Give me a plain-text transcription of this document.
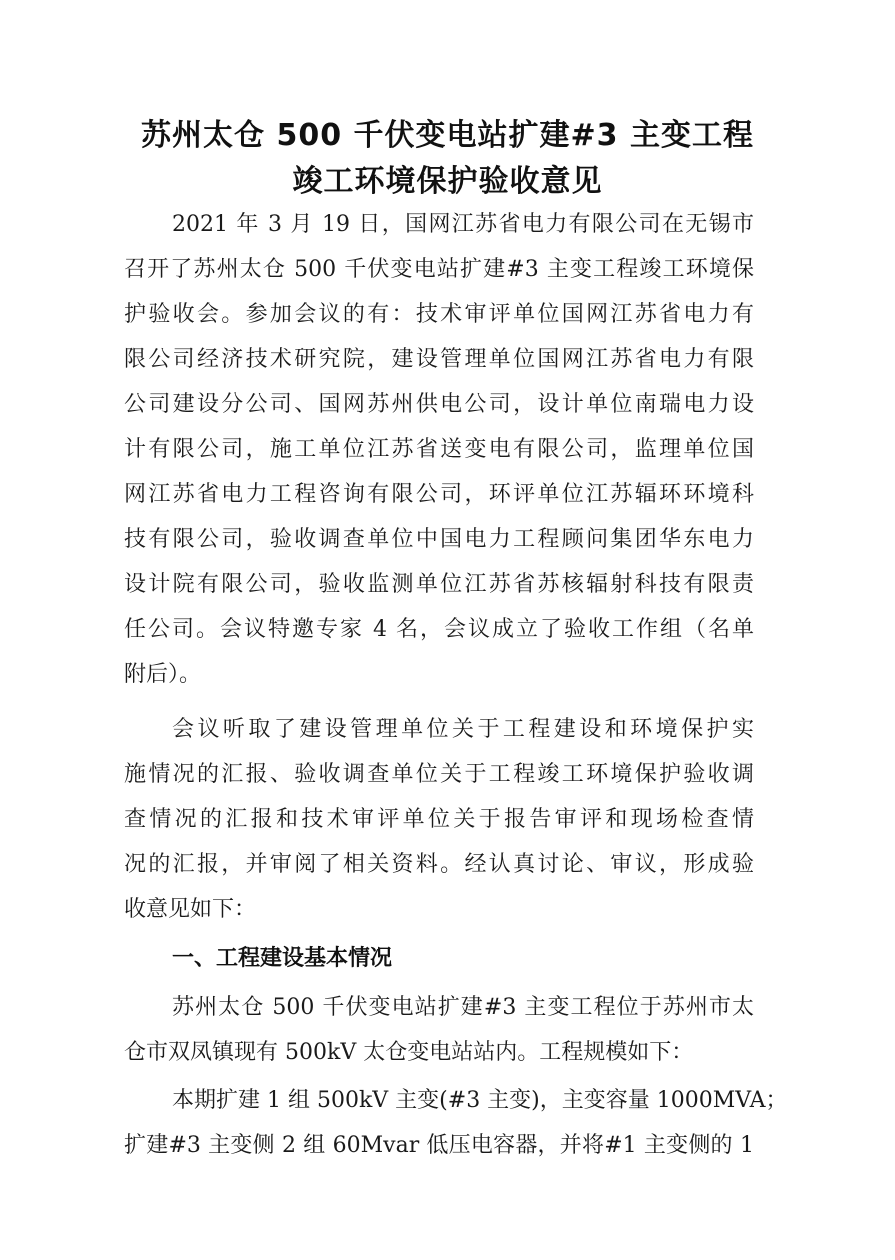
苏州太仓 500 千伏变电站扩建#3 主变工程
竣工环境保护验收意见
2021 年 3 月 19 日，国网江苏省电力有限公司在无锡市
召开了苏州太仓 500 千伏变电站扩建#3 主变工程竣工环境保
护验收会。参加会议的有：技术审评单位国网江苏省电力有
限公司经济技术研究院，建设管理单位国网江苏省电力有限
公司建设分公司、国网苏州供电公司，设计单位南瑞电力设
计有限公司，施工单位江苏省送变电有限公司，监理单位国
网江苏省电力工程咨询有限公司，环评单位江苏辐环环境科
技有限公司，验收调查单位中国电力工程顾问集团华东电力
设计院有限公司，验收监测单位江苏省苏核辐射科技有限责
任公司。会议特邀专家 4 名，会议成立了验收工作组（名单
附后）。
会议听取了建设管理单位关于工程建设和环境保护实
施情况的汇报、验收调查单位关于工程竣工环境保护验收调
查情况的汇报和技术审评单位关于报告审评和现场检查情
况的汇报，并审阅了相关资料。经认真讨论、审议，形成验
收意见如下：
一、工程建设基本情况
苏州太仓 500 千伏变电站扩建#3 主变工程位于苏州市太
仓市双凤镇现有 500kV 太仓变电站站内。工程规模如下：
本期扩建 1 组 500kV 主变(#3 主变)，主变容量 1000MVA；
扩建#3 主变侧 2 组 60Mvar 低压电容器，并将#1 主变侧的 1
